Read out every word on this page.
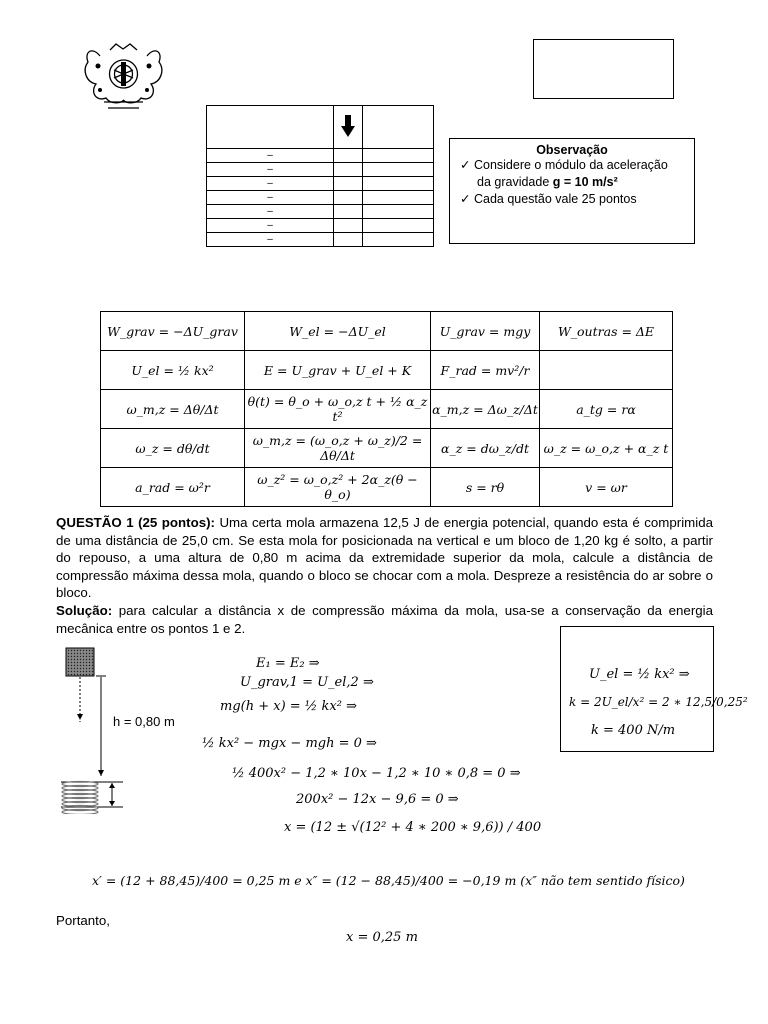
–		
–		
–		
–		
–		
–		
–		
Observação
✓ Considere o módulo da aceleração
da gravidade g = 10 m/s²
✓ Cada questão vale 25 pontos
W_grav = −ΔU_grav	W_el = −ΔU_el	U_grav = mgy	W_outras = ΔE
U_el = ½ kx²	E = U_grav + U_el + K	F_rad = mv²/r	
ω_m,z = Δθ/Δt	θ(t) = θ_o + ω_o,z t + ½ α_z t²	α_m,z = Δω_z/Δt	a_tg = rα
ω_z = dθ/dt	ω_m,z = (ω_o,z + ω_z)/2 = Δθ/Δt	α_z = dω_z/dt	ω_z = ω_o,z + α_z t
a_rad = ω²r	ω_z² = ω_o,z² + 2α_z(θ − θ_o)	s = rθ	v = ωr
QUESTÃO 1 (25 pontos): Uma certa mola armazena 12,5 J de energia potencial, quando esta é comprimida de uma distância de 25,0 cm. Se esta mola for posicionada na vertical e um bloco de 1,20 kg é solto, a partir do repouso, a uma altura de 0,80 m acima da extremidade superior da mola, calcule a distância de compressão máxima dessa mola, quando o bloco se chocar com a mola. Despreze a resistência do ar sobre o bloco.
Solução: para calcular a distância x de compressão máxima da mola, usa-se a conservação da energia mecânica entre os pontos 1 e 2.
h = 0,80 m
E₁ = E₂ ⇒
U_grav,1 = U_el,2 ⇒
mg(h + x) = ½ kx² ⇒
½ kx² − mgx − mgh = 0 ⇒
½ 400x² − 1,2 ∗ 10x − 1,2 ∗ 10 ∗ 0,8 = 0 ⇒
200x² − 12x − 9,6 = 0 ⇒
x = (12 ± √(12² + 4 ∗ 200 ∗ 9,6)) / 400
U_el = ½ kx² ⇒
k = 2U_el/x² = 2 ∗ 12,5/0,25²
k = 400 N/m
x′ = (12 + 88,45)/400 = 0,25 m e x″ = (12 − 88,45)/400 = −0,19 m (x″ não tem sentido físico)
Portanto,
x = 0,25 m
